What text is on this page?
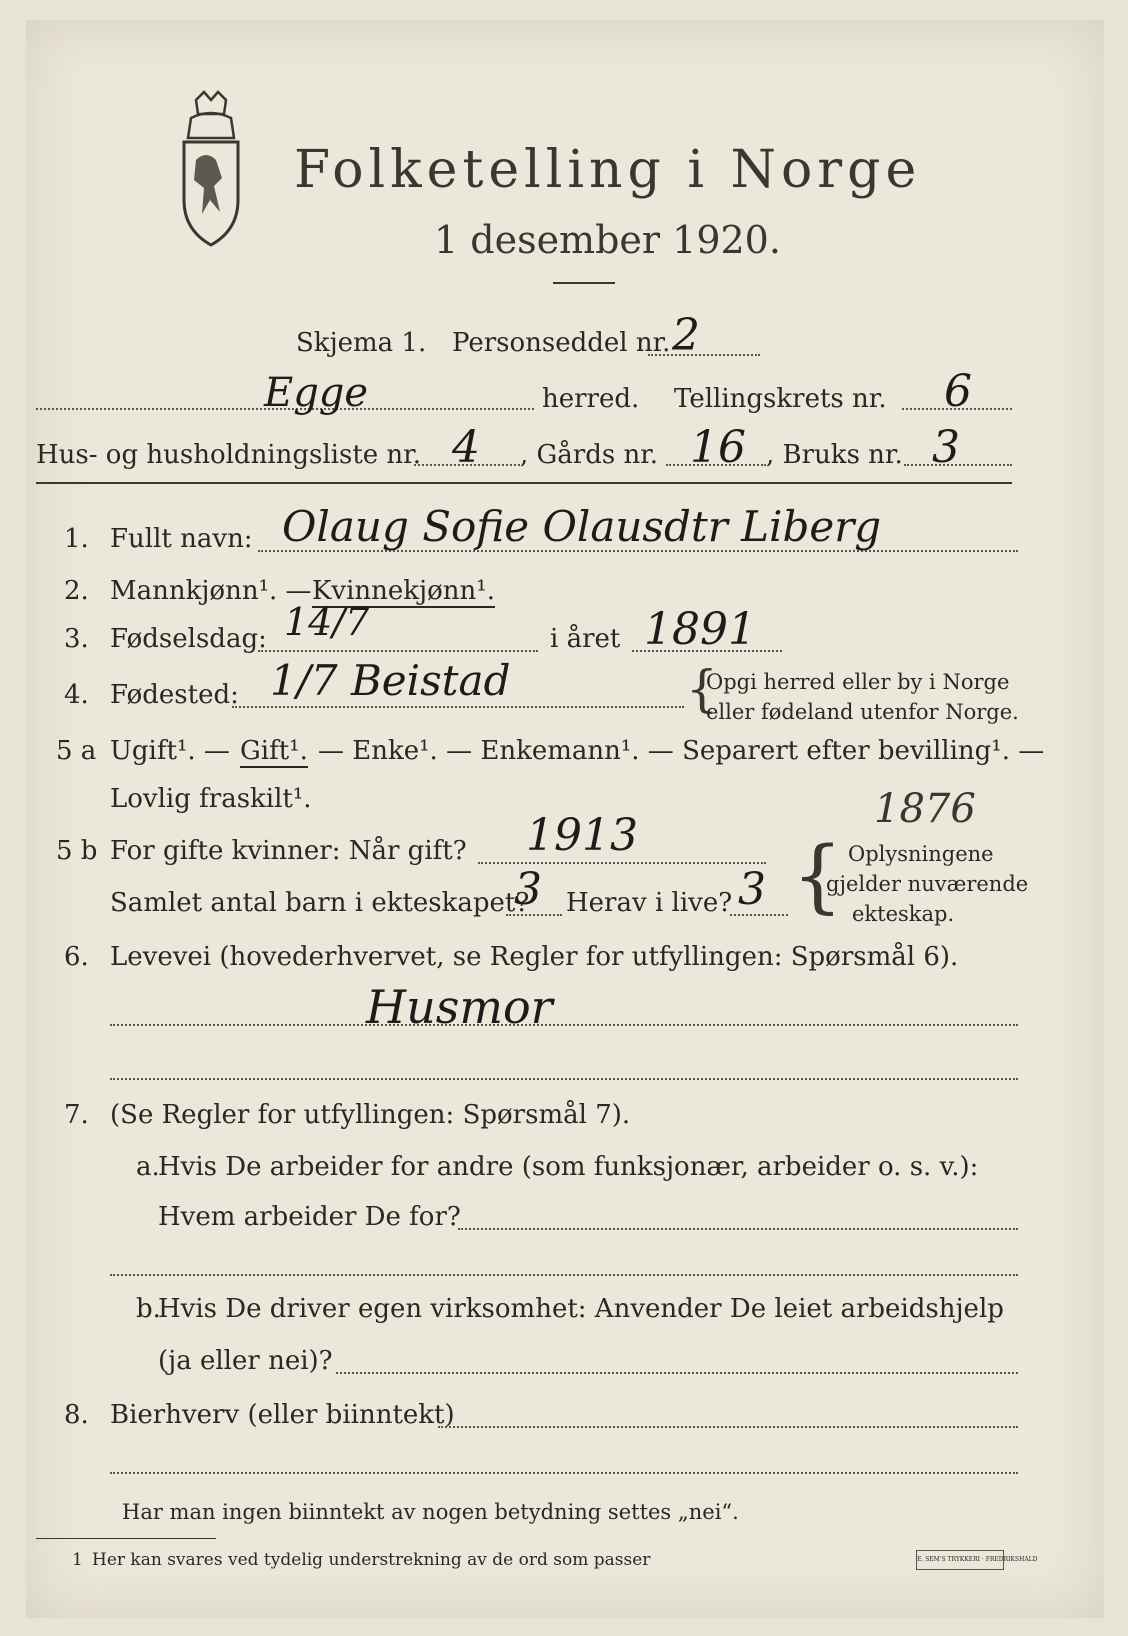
Folketelling i Norge
1 desember 1920.
Skjema 1. Personseddel nr. 2
Egge	herred. Tellingskrets nr. 6
Hus- og husholdningsliste nr. 4 , Gårds nr. 16 , Bruks nr. 3
1. Fullt navn: Olaug Sofie Olausdtr Liberg
2. Mannkjønn¹. — Kvinnekjønn¹.
3. Fødselsdag: 14/7	i året 1891
4. Fødested: 1/7 Beistad	{
Opgi herred eller by i Norge
eller fødeland utenfor Norge.
5 a Ugift¹. — Gift¹. — Enke¹. — Enkemann¹. — Separert efter bevilling¹. —
Lovlig fraskilt¹.
5 b For gifte kvinner: Når gift? 1913
1876
Samlet antal barn i ekteskapet?
3 Herav i live? 3 { Oplysningene
gjelder nuværende
ekteskap.
6. Levevei (hovederhvervet, se Regler for utfyllingen: Spørsmål 6).
Husmor
7. (Se Regler for utfyllingen: Spørsmål 7).
a.
Hvis De arbeider for andre (som funksjonær, arbeider o. s. v.):
Hvem arbeider De for?
b.
Hvis De driver egen virksomhet: Anvender De leiet arbeidshjelp
(ja eller nei)?
8. Bierhverv (eller biinntekt)
Har man ingen biinntekt av nogen betydning settes „nei“.
1 Her kan svares ved tydelig understrekning av de ord som passer	E. SEM'S TRYKKERI · FREDRIKSHALD
